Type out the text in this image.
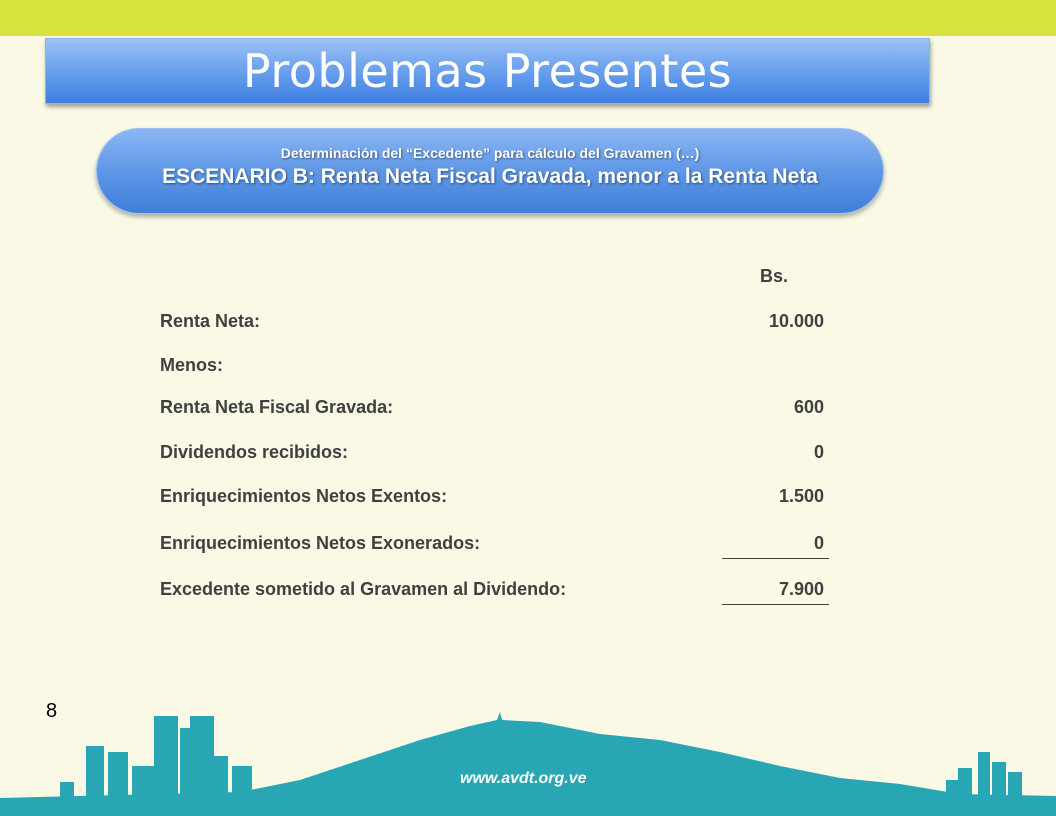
Problemas Presentes
Determinación del “Excedente” para cálculo del Gravamen (…)
ESCENARIO B: Renta Neta Fiscal Gravada, menor a la Renta Neta
Bs.
Renta Neta:	10.000
Menos:
Renta Neta Fiscal Gravada:	600
Dividendos recibidos:	0
Enriquecimientos Netos Exentos:	1.500
Enriquecimientos Netos Exonerados:	0
Excedente sometido al Gravamen al Dividendo:	7.900
8
www.avdt.org.ve
